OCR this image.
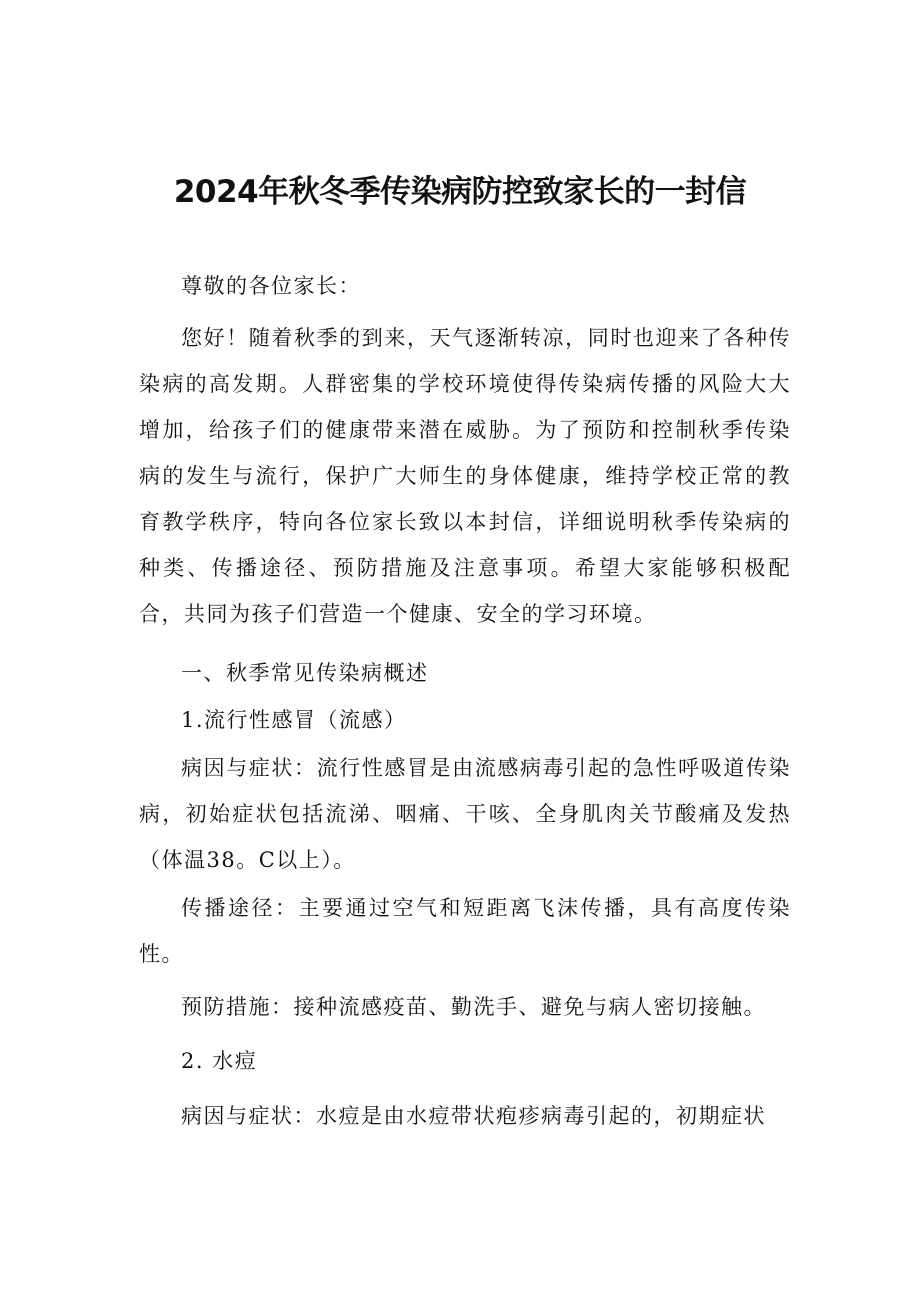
2024年秋冬季传染病防控致家长的一封信

尊敬的各位家长：

您好！随着秋季的到来，天气逐渐转凉，同时也迎来了各种传染病的高发期。人群密集的学校环境使得传染病传播的风险大大增加，给孩子们的健康带来潜在威胁。为了预防和控制秋季传染病的发生与流行，保护广大师生的身体健康，维持学校正常的教育教学秩序，特向各位家长致以本封信，详细说明秋季传染病的种类、传播途径、预防措施及注意事项。希望大家能够积极配合，共同为孩子们营造一个健康、安全的学习环境。

一、秋季常见传染病概述

1.流行性感冒（流感）

病因与症状：流行性感冒是由流感病毒引起的急性呼吸道传染病，初始症状包括流涕、咽痛、干咳、全身肌肉关节酸痛及发热（体温38。C以上）。

传播途径：主要通过空气和短距离飞沫传播，具有高度传染性。

预防措施：接种流感疫苗、勤洗手、避免与病人密切接触。

2. 水痘

病因与症状：水痘是由水痘带状疱疹病毒引起的，初期症状
